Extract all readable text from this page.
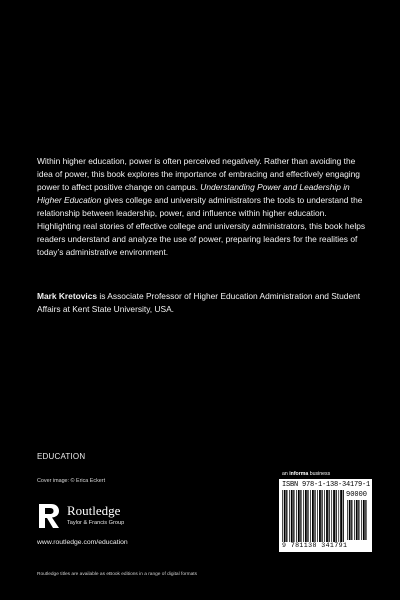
Within higher education, power is often perceived negatively. Rather than avoiding the idea of power, this book explores the importance of embracing and effectively engaging power to affect positive change on campus. Understanding Power and Leadership in Higher Education gives college and university administrators the tools to understand the relationship between leadership, power, and influence within higher education. Highlighting real stories of effective college and university administrators, this book helps readers understand and analyze the use of power, preparing leaders for the realities of today’s administrative environment.

Mark Kretovics is Associate Professor of Higher Education Administration and Student Affairs at Kent State University, USA.

EDUCATION
Cover image: © Erica Eckert
Routledge
Taylor & Francis Group
www.routledge.com/education
Routledge titles are available as eBook editions in a range of digital formats
an informa business
ISBN 978-1-138-34179-1
90000
9 781138 341791
